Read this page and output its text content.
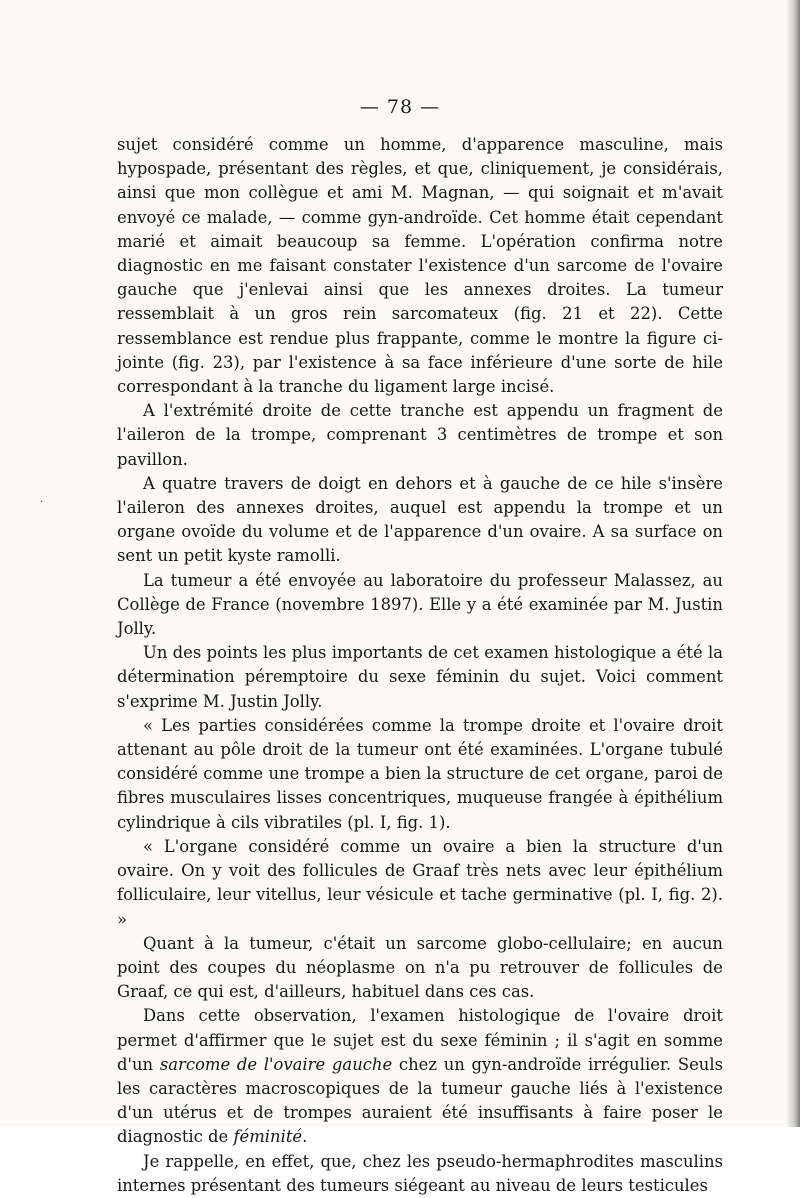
— 78 —
·

sujet considéré comme un homme, d'apparence masculine, mais hypospade, présentant des règles, et que, cliniquement, je considérais, ainsi que mon collègue et ami M. Magnan, — qui soignait et m'avait envoyé ce malade, — comme gyn-androïde. Cet homme était cependant marié et aimait beaucoup sa femme. L'opération confirma notre diagnostic en me faisant constater l'existence d'un sarcome de l'ovaire gauche que j'enlevai ainsi que les annexes droites. La tumeur ressemblait à un gros rein sarcomateux (fig. 21 et 22). Cette ressemblance est rendue plus frappante, comme le montre la figure ci-jointe (fig. 23), par l'existence à sa face inférieure d'une sorte de hile correspondant à la tranche du ligament large incisé.

A l'extrémité droite de cette tranche est appendu un fragment de l'aileron de la trompe, comprenant 3 centimètres de trompe et son pavillon.

A quatre travers de doigt en dehors et à gauche de ce hile s'insère l'aileron des annexes droites, auquel est appendu la trompe et un organe ovoïde du volume et de l'apparence d'un ovaire. A sa surface on sent un petit kyste ramolli.

La tumeur a été envoyée au laboratoire du professeur Malassez, au Collège de France (novembre 1897). Elle y a été examinée par M. Justin Jolly.

Un des points les plus importants de cet examen histologique a été la détermination péremptoire du sexe féminin du sujet. Voici comment s'exprime M. Justin Jolly.

« Les parties considérées comme la trompe droite et l'ovaire droit attenant au pôle droit de la tumeur ont été examinées. L'organe tubulé considéré comme une trompe a bien la structure de cet organe, paroi de fibres musculaires lisses concentriques, muqueuse frangée à épithélium cylindrique à cils vibratiles (pl. I, fig. 1).

« L'organe considéré comme un ovaire a bien la structure d'un ovaire. On y voit des follicules de Graaf très nets avec leur épithélium folliculaire, leur vitellus, leur vésicule et tache germinative (pl. I, fig. 2). »

Quant à la tumeur, c'était un sarcome globo-cellulaire; en aucun point des coupes du néoplasme on n'a pu retrouver de follicules de Graaf, ce qui est, d'ailleurs, habituel dans ces cas.

Dans cette observation, l'examen histologique de l'ovaire droit permet d'affirmer que le sujet est du sexe féminin ; il s'agit en somme d'un sarcome de l'ovaire gauche chez un gyn-androïde irrégulier. Seuls les caractères macroscopiques de la tumeur gauche liés à l'existence d'un utérus et de trompes auraient été insuffisants à faire poser le diagnostic de féminité.

Je rappelle, en effet, que, chez les pseudo-hermaphrodites masculins internes présentant des tumeurs siégeant au niveau de leurs testicules
